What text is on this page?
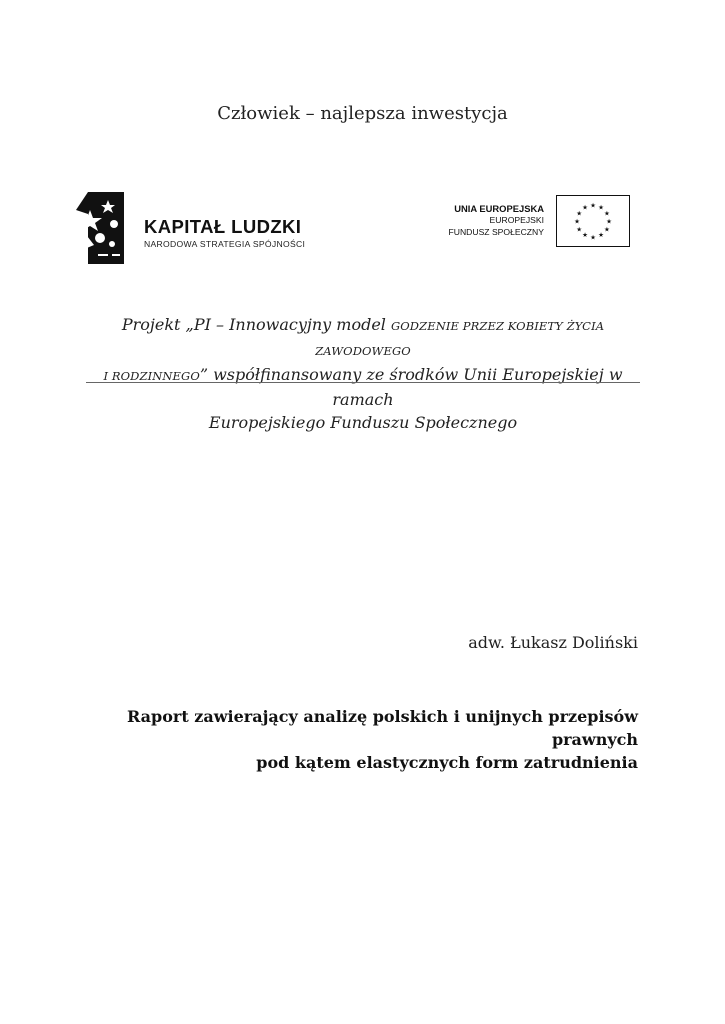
Człowiek – najlepsza inwestycja
KAPITAŁ LUDZKI
NARODOWA STRATEGIA SPÓJNOŚCI
UNIA EUROPEJSKA
EUROPEJSKI
FUNDUSZ SPOŁECZNY
★ ★
★
★
★
★
★
★
★
★
★
★
Projekt „PI – Innowacyjny model GODZENIE PRZEZ KOBIETY ŻYCIA ZAWODOWEGO
I RODZINNEGO” współfinansowany ze środków Unii Europejskiej w ramach
Europejskiego Funduszu Społecznego
adw. Łukasz Doliński
Raport zawierający analizę polskich i unijnych przepisów prawnych
pod kątem elastycznych form zatrudnienia
